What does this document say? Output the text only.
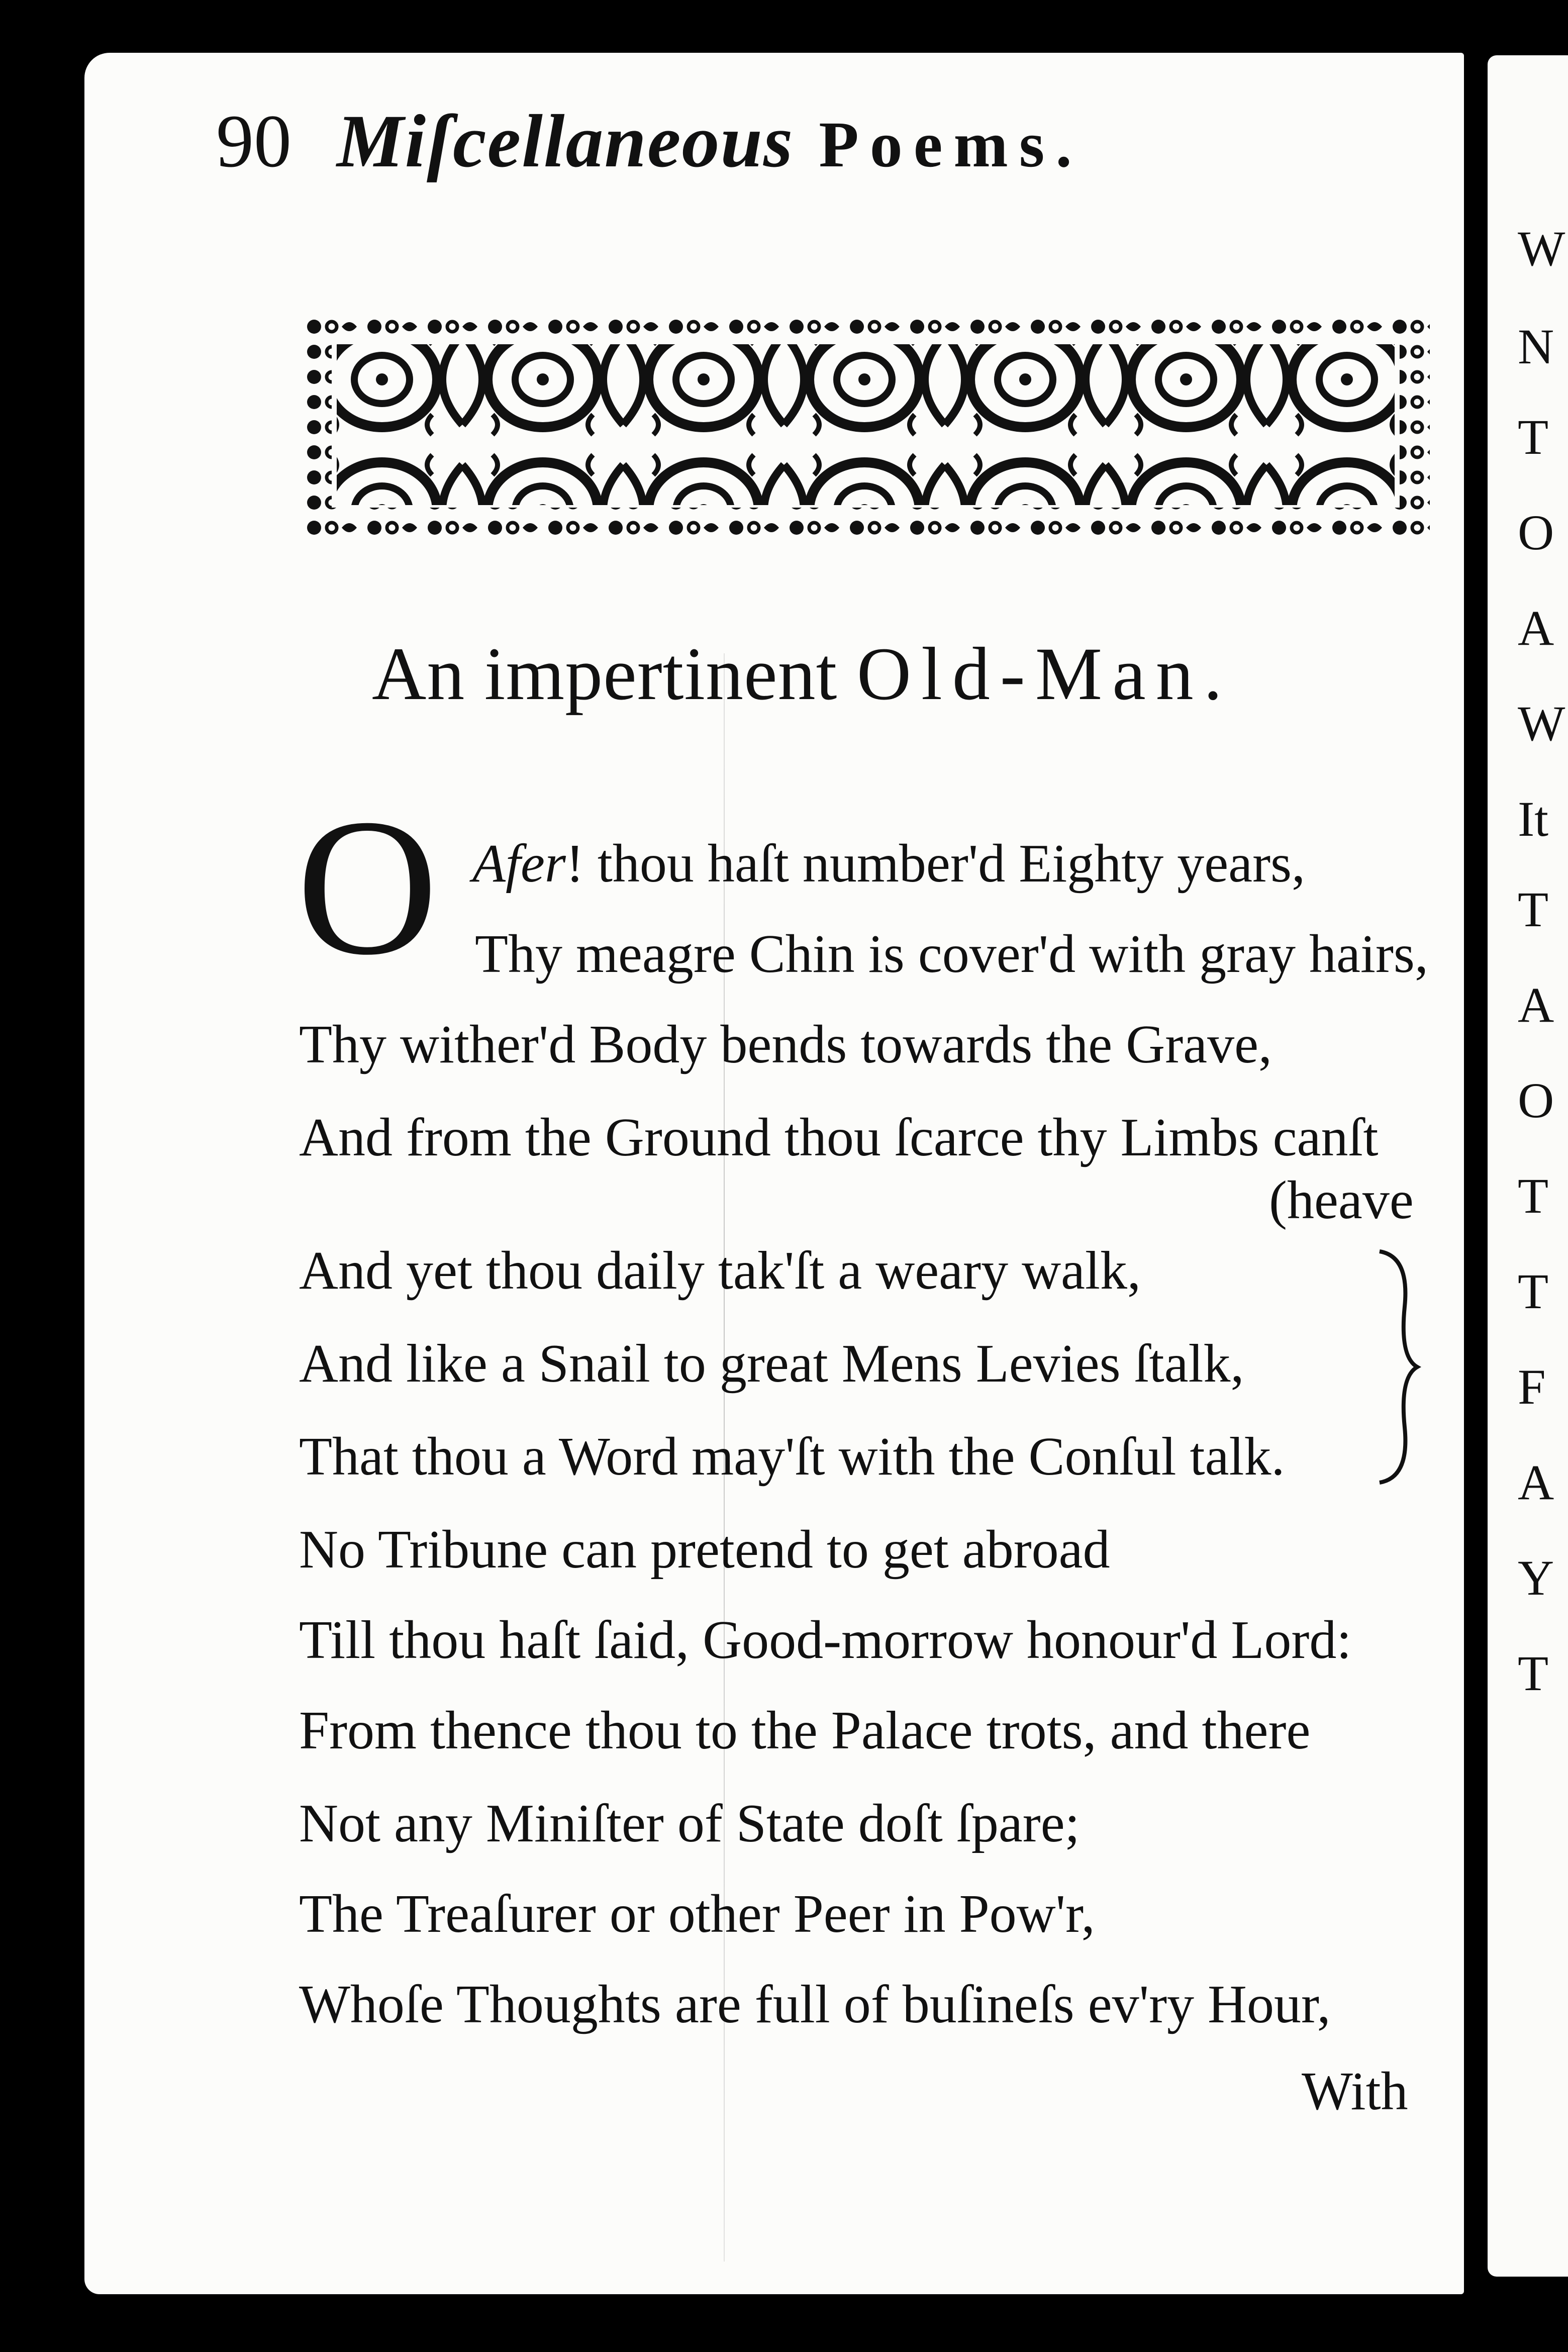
W
N
T
O
A
W
It
T
A
O
T
T
F
A
Y
T
90 Miſcellaneous Poems.
An impertinent Old-Man.
O Afer! thou haſt number'd Eighty years,
Thy meagre Chin is cover'd with gray hairs,
Thy wither'd Body bends towards the Grave,
And from the Ground thou ſcarce thy Limbs canſt
(heave
And yet thou daily tak'ſt a weary walk,
And like a Snail to great Mens Levies ſtalk,
That thou a Word may'ſt with the Conſul talk.
No Tribune can pretend to get abroad
Till thou haſt ſaid, Good-morrow honour'd Lord:
From thence thou to the Palace trots, and there
Not any Miniſter of State doſt ſpare;
The Treaſurer or other Peer in Pow'r,
Whoſe Thoughts are full of buſineſs ev'ry Hour,
With
